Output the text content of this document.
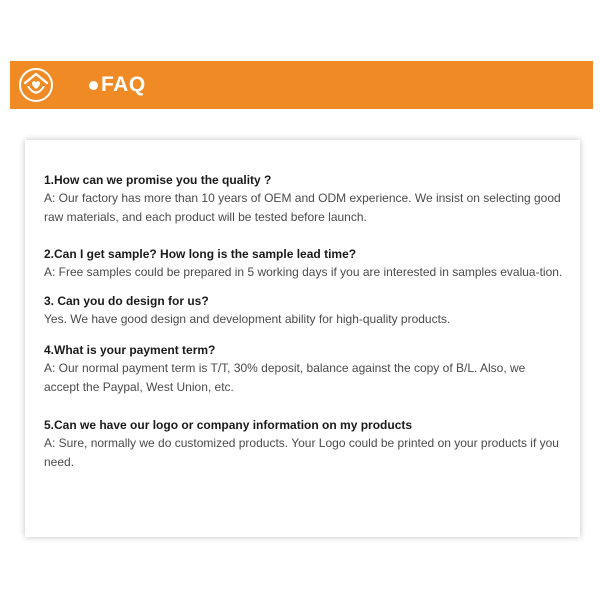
FAQ

1.How can we promise you the quality ?

A: Our factory has more than 10 years of OEM and ODM experience. We insist on selecting good raw materials, and each product will be tested before launch.

2.Can I get sample? How long is the sample lead time?

A: Free samples could be prepared in 5 working days if you are interested in samples evalua-tion.

3. Can you do design for us?

Yes. We have good design and development ability for high-quality products.

4.What is your payment term?

A: Our normal payment term is T/T, 30% deposit, balance against the copy of B/L. Also, we accept the Paypal, West Union, etc.

5.Can we have our logo or company information on my products

A: Sure, normally we do customized products. Your Logo could be printed on your products if you need.
